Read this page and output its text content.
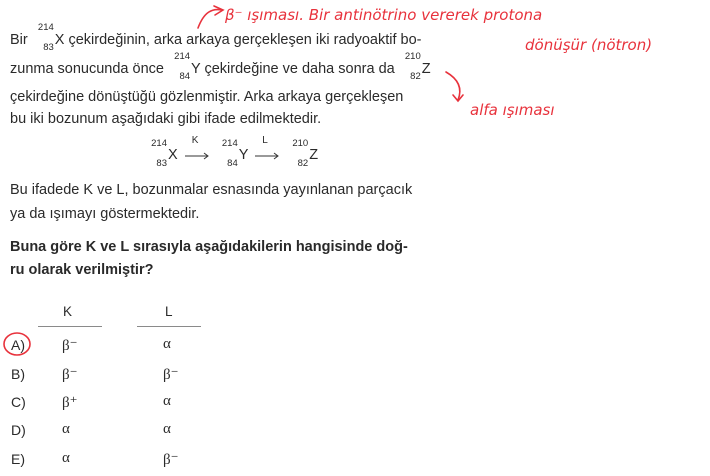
Bir
214
83 X çekirdeğinin, arka arkaya gerçekleşen iki radyoaktif bo-
zunma sonucunda önce
214
84 Y çekirdeğine ve daha sonra da
210
82 Z
çekirdeğine dönüştüğü gözlenmiştir. Arka arkaya gerçekleşen
bu iki bozunum aşağıdaki gibi ifade edilmektedir.
214
83
X
K
214
84
Y
L
	210
82
Z
Bu ifadede K ve L, bozunmalar esnasında yayınlanan parçacık
ya da ışımayı göstermektedir.
Buna göre K ve L sırasıyla aşağıdakilerin hangisinde doğ-
ru olarak verilmiştir?
K	L
A) β⁻	α
B) β⁻	β⁻
C) β⁺	α
D) α	α
E) α	β⁻
β⁻ ışıması. Bir antinötrino vererek protona
dönüşür (nötron)
alfa ışıması
